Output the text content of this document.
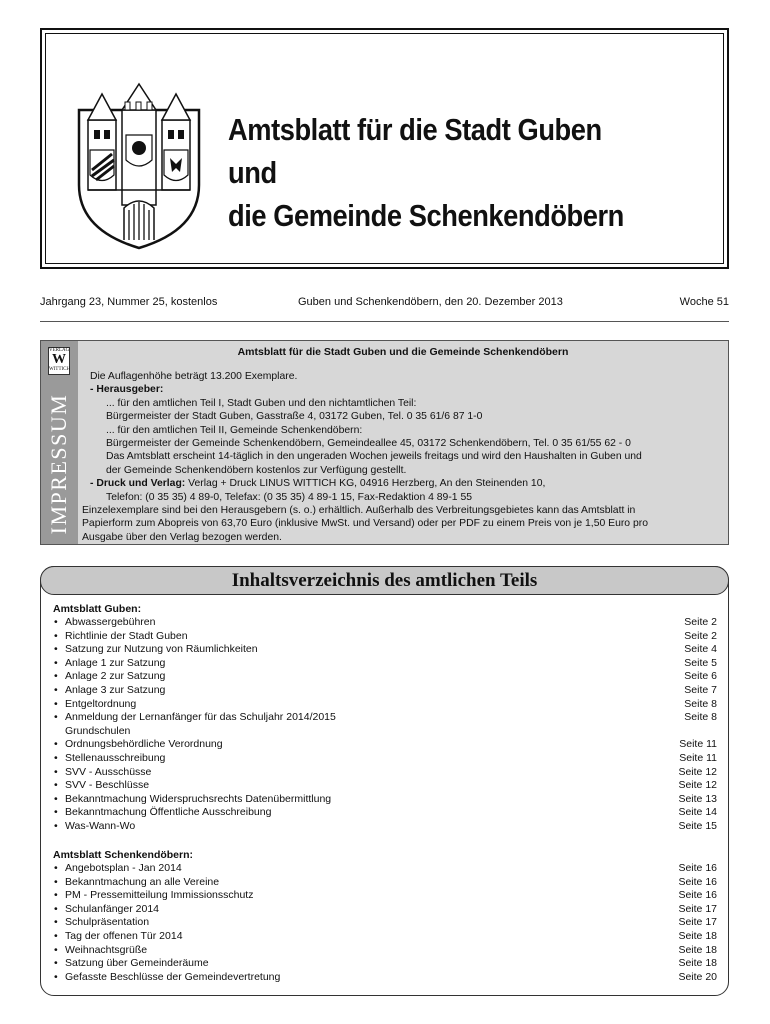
Amtsblatt für die Stadt Guben und
die Gemeinde Schenkendöbern
Jahrgang 23, Nummer 25, kostenlos	Guben und Schenkendöbern, den 20. Dezember 2013	Woche 51
VERLAG
W
WITTICH
IMPRESSUM
Amtsblatt für die Stadt Guben und die Gemeinde Schenkendöbern
Die Auflagenhöhe beträgt 13.200 Exemplare.
- Herausgeber:
... für den amtlichen Teil I, Stadt Guben und den nichtamtlichen Teil:
Bürgermeister der Stadt Guben, Gasstraße 4, 03172 Guben, Tel. 0 35 61/6 87 1-0
... für den amtlichen Teil II, Gemeinde Schenkendöbern:
Bürgermeister der Gemeinde Schenkendöbern, Gemeindeallee 45, 03172 Schenkendöbern, Tel. 0 35 61/55 62 - 0
Das Amtsblatt erscheint 14-täglich in den ungeraden Wochen jeweils freitags und wird den Haushalten in Guben und
der Gemeinde Schenkendöbern kostenlos zur Verfügung gestellt.
- Druck und Verlag: Verlag + Druck LINUS WITTICH KG, 04916 Herzberg, An den Steinenden 10,
Telefon: (0 35 35) 4 89-0, Telefax: (0 35 35) 4 89-1 15, Fax-Redaktion 4 89-1 55
Einzelexemplare sind bei den Herausgebern (s. o.) erhältlich. Außerhalb des Verbreitungsgebietes kann das Amtsblatt in
Papierform zum Abopreis von 63,70 Euro (inklusive MwSt. und Versand) oder per PDF zu einem Preis von je 1,50 Euro pro
Ausgabe über den Verlag bezogen werden.
Inhaltsverzeichnis des amtlichen Teils
Amtsblatt Guben:
• Abwassergebühren	Seite 2
• Richtlinie der Stadt Guben	Seite 2
• Satzung zur Nutzung von Räumlichkeiten	Seite 4
• Anlage 1 zur Satzung	Seite 5
• Anlage 2 zur Satzung	Seite 6
• Anlage 3 zur Satzung	Seite 7
• Entgeltordnung	Seite 8
• Anmeldung der Lernanfänger für das Schuljahr 2014/2015	Seite 8
Grundschulen
• Ordnungsbehördliche Verordnung	Seite 11
• Stellenausschreibung	Seite 11
• SVV - Ausschüsse	Seite 12
• SVV - Beschlüsse	Seite 12
• Bekanntmachung Widerspruchsrechts Datenübermittlung	Seite 13
• Bekanntmachung Öffentliche Ausschreibung	Seite 14
• Was-Wann-Wo	Seite 15
Amtsblatt Schenkendöbern:
• Angebotsplan - Jan 2014	Seite 16
• Bekanntmachung an alle Vereine	Seite 16
• PM - Pressemitteilung Immissionsschutz	Seite 16
• Schulanfänger 2014	Seite 17
• Schulpräsentation	Seite 17
• Tag der offenen Tür 2014	Seite 18
• Weihnachtsgrüße	Seite 18
• Satzung über Gemeinderäume	Seite 18
• Gefasste Beschlüsse der Gemeindevertretung	Seite 20
